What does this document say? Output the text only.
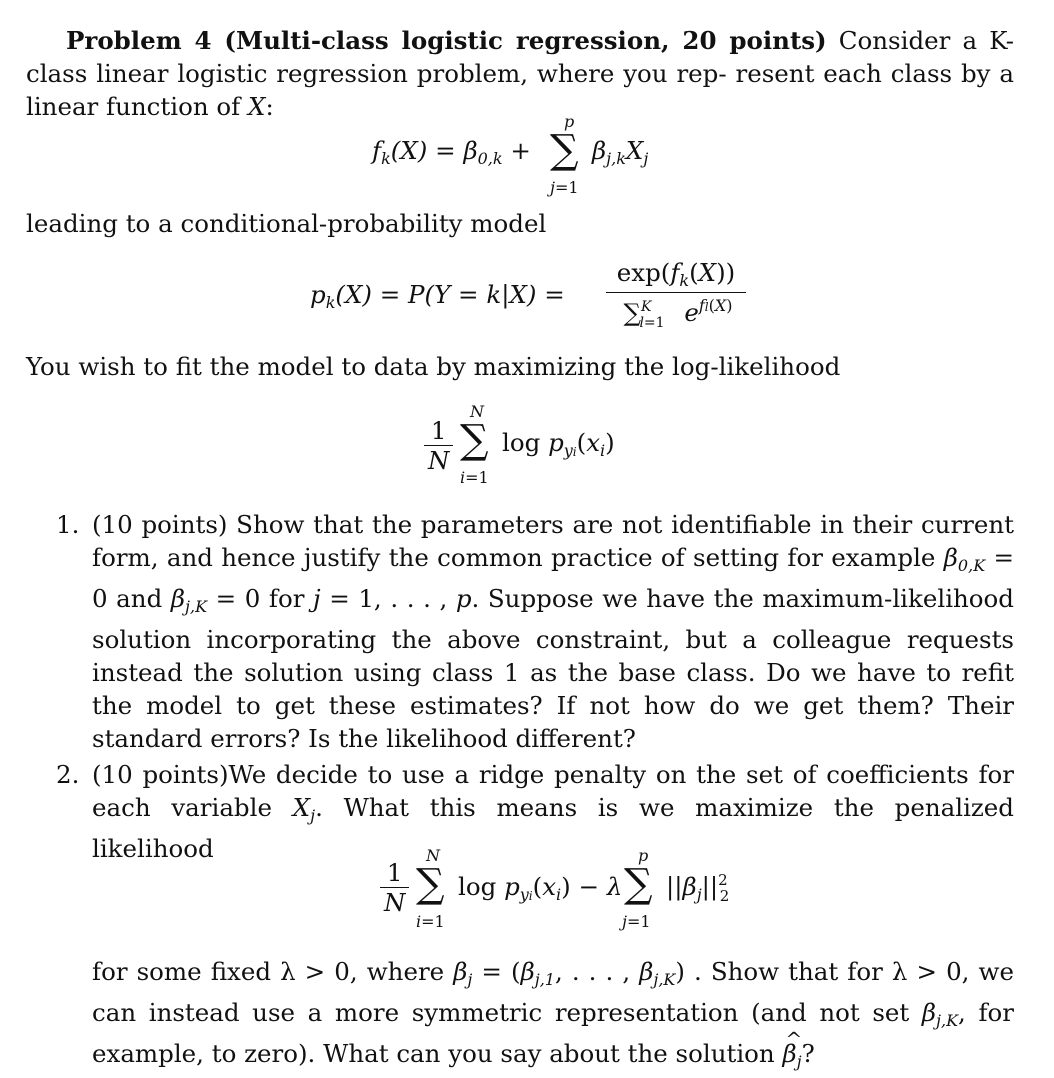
Problem 4 (Multi-class logistic regression, 20 points) Consider a K-class linear logistic regression problem, where you rep- resent each class by a linear function of X:
$f_k(X) = \beta_{0,k}$ +
p
∑
j=1
$\beta_{j,k}X_j$
leading to a conditional-probability model
$p_k(X) = P(Y = k|X)$ =
$\exp(f_k(X))$
∑$^K_{l=1}$ $e^{fl(X)}$
You wish to fit the model to data by maximizing the log-likelihood
$\frac{1}{N}$
N
∑
i=1
$\log p_{yi}(x_i)$
1. (10 points) Show that the parameters are not identifiable in their current form, and hence justify the common practice of setting for example $\beta_{0,K} = 0$ and $\beta_{j,K} = 0$ for j = 1, . . . , p. Suppose we have the maximum-likelihood solution incorporating the above constraint, but a colleague requests instead the solution using class 1 as the base class. Do we have to refit the model to get these estimates? If not how do we get them? Their standard errors? Is the likelihood different?
2. (10 points)We decide to use a ridge penalty on the set of coefficients for each variable $X_j$. What this means is we maximize the penalized likelihood
$\frac{1}{N}$
N
∑
i=1
$\log p_{yi}(x_i) - \lambda$
p
∑
j=1
$||\beta_j||^2_2$
for some fixed λ > 0, where $\beta_j = (\beta_{j,1}$, . . . , $\beta_{j,K}$) . Show that for λ > 0, we can instead use a more symmetric representation (and not set $\beta_{j,K}$, for example, to zero). What can you say about the solution ^ $\beta_j$?
